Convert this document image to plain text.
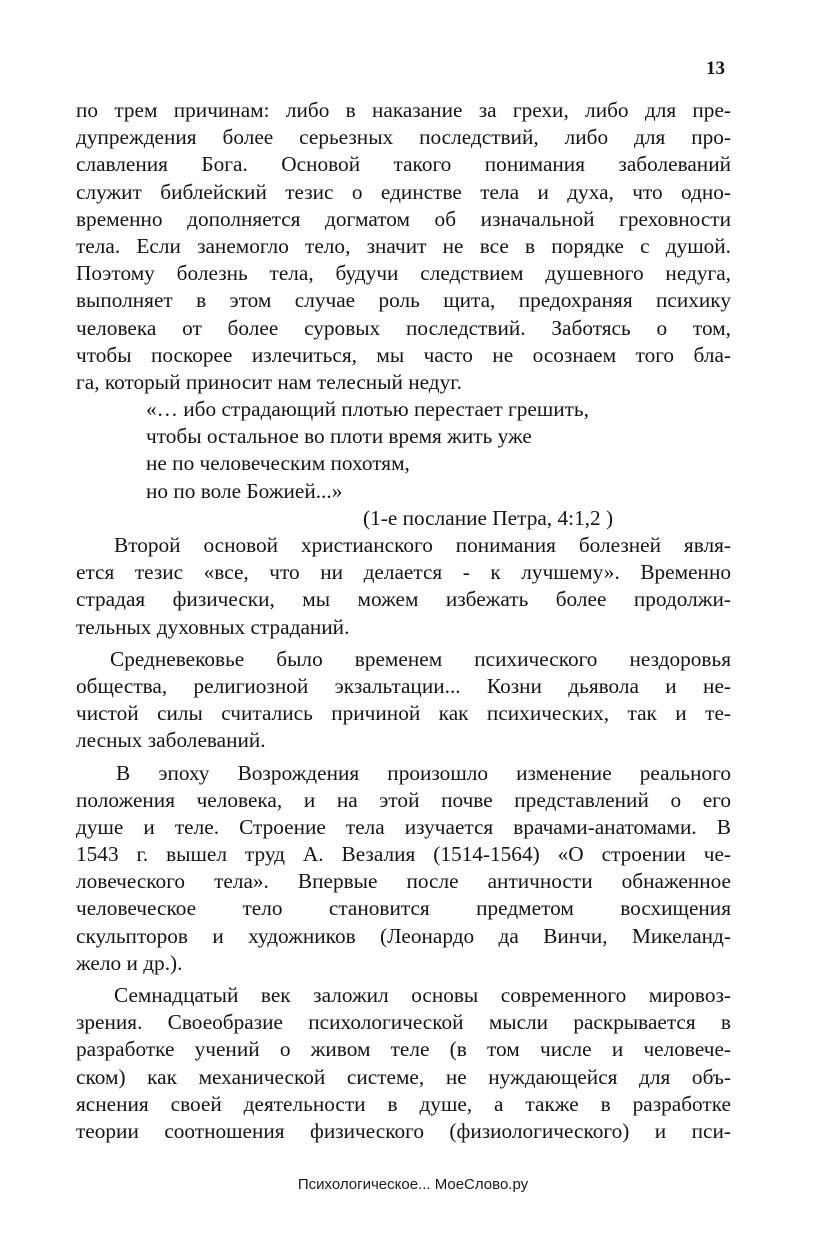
13
по трем причинам: либо в наказание за грехи, либо для пре-
дупреждения более серьезных последствий, либо для про-
славления Бога. Основой такого понимания заболеваний
служит библейский тезис о единстве тела и духа, что одно-
временно дополняется догматом об изначальной греховности
тела. Если занемогло тело, значит не все в порядке с душой.
Поэтому болезнь тела, будучи следствием душевного недуга,
выполняет в этом случае роль щита, предохраняя психику
человека от более суровых последствий. Заботясь о том,
чтобы поскорее излечиться, мы часто не осознаем того бла-
га, который приносит нам телесный недуг.
«… ибо страдающий плотью перестает грешить,
чтобы остальное во плоти время жить уже
не по человеческим похотям,
но по воле Божией...»
(1-е послание Петра, 4:1,2 )
Второй основой христианского понимания болезней явля-
ется тезис «все, что ни делается - к лучшему». Временно
страдая физически, мы можем избежать более продолжи-
тельных духовных страданий.
Средневековье было временем психического нездоровья
общества, религиозной экзальтации... Козни дьявола и не-
чистой силы считались причиной как психических, так и те-
лесных заболеваний.
В эпоху Возрождения произошло изменение реального
положения человека, и на этой почве представлений о его
душе и теле. Строение тела изучается врачами-анатомами. В
1543 г. вышел труд А. Везалия (1514-1564) «О строении че-
ловеческого тела». Впервые после античности обнаженное
человеческое тело становится предметом восхищения
скульпторов и художников (Леонардо да Винчи, Микеланд-
жело и др.).
Семнадцатый век заложил основы современного мировоз-
зрения. Своеобразие психологической мысли раскрывается в
разработке учений о живом теле (в том числе и человече-
ском) как механической системе, не нуждающейся для объ-
яснения своей деятельности в душе, а также в разработке
теории соотношения физического (физиологического) и пси-
Психологическое... МоеСлово.ру
